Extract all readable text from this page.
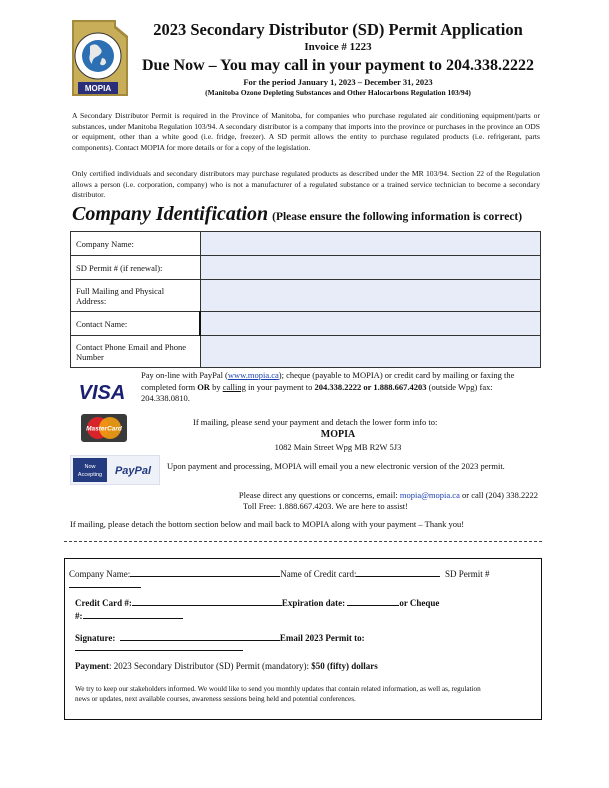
MOPIA
2023 Secondary Distributor (SD) Permit Application
Invoice # 1223
Due Now – You may call in your payment to 204.338.2222
For the period January 1, 2023 – December 31, 2023
(Manitoba Ozone Depleting Substances and Other Halocarbons Regulation 103/94)
A Secondary Distributor Permit is required in the Province of Manitoba, for companies who purchase regulated air conditioning equipment/parts or substances, under Manitoba Regulation 103/94. A secondary distributor is a company that imports into the province or purchases in the province an ODS or equipment, other than a white good (i.e. fridge, freezer). A SD permit allows the entity to purchase regulated products (i.e. refrigerant, parts components). Contact MOPIA for more details or for a copy of the legislation.
Only certified individuals and secondary distributors may purchase regulated products as described under the MR 103/94. Section 22 of the Regulation allows a person (i.e. corporation, company) who is not a manufacturer of a regulated substance or a trained service technician to become a secondary distributor.
Company Identification (Please ensure the following information is correct)
Company Name:	
SD Permit # (if renewal):	
Full Mailing and Physical Address:	
Contact Name:	
Contact Phone Email and Phone Number	
VISA
MasterCard
Now
Accepting PayPal
Pay on-line with PayPal (www.mopia.ca); cheque (payable to MOPIA) or credit card by mailing or faxing the completed form OR by calling in your payment to 204.338.2222 or 1.888.667.4203 (outside Wpg) fax: 204.338.0810.
If mailing, please send your payment and detach the lower form info to:
MOPIA
1082 Main Street Wpg MB R2W 5J3
Upon payment and processing, MOPIA will email you a new electronic version of the 2023 permit.
Please direct any questions or concerns, email: mopia@mopia.ca or call (204) 338.2222
Toll Free: 1.888.667.4203. We are here to assist!
If mailing, please detach the bottom section below and mail back to MOPIA along with your payment – Thank you!
Company Name:	Name of Credit card:	SD Permit #
Credit Card #:	Expiration date:	or Cheque
#:
Signature:	Email 2023 Permit to:
Payment: 2023 Secondary Distributor (SD) Permit (mandatory): $50 (fifty) dollars
We try to keep our stakeholders informed. We would like to send you monthly updates that contain related information, as well as, regulation news or updates, next available courses, awareness sessions being held and potential conferences.
